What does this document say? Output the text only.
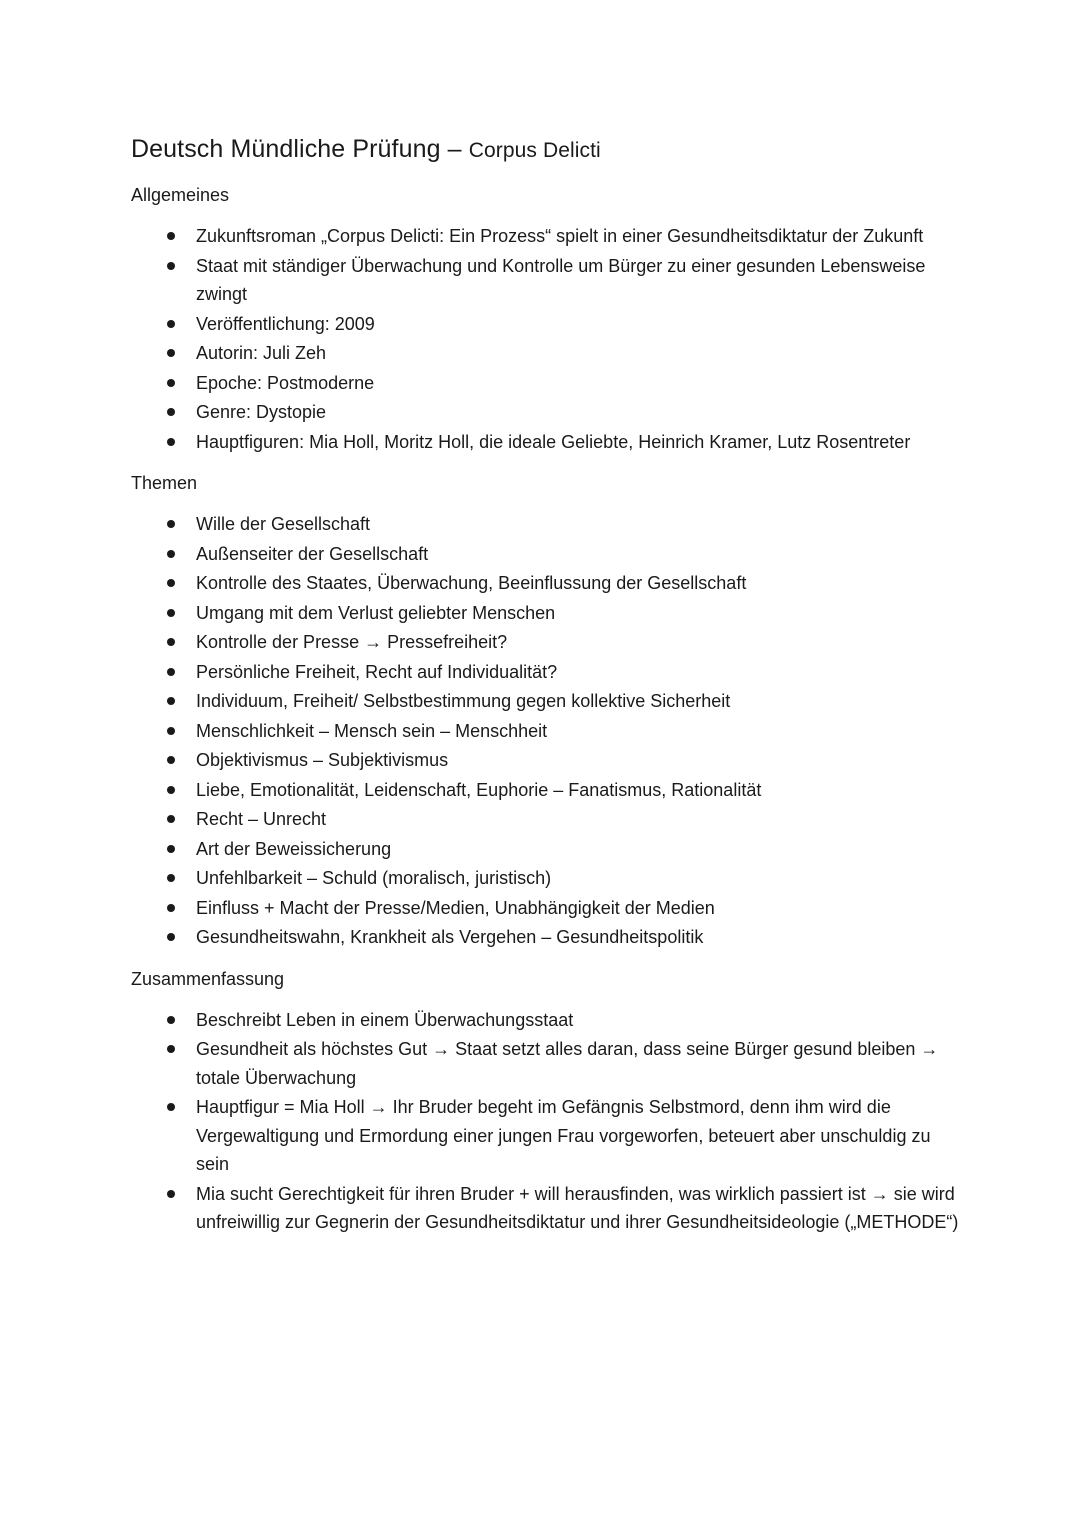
Deutsch Mündliche Prüfung – Corpus Delicti
Allgemeines
Zukunftsroman „Corpus Delicti: Ein Prozess“ spielt in einer Gesundheitsdiktatur der Zukunft
Staat mit ständiger Überwachung und Kontrolle um Bürger zu einer gesunden Lebensweise zwingt
Veröffentlichung: 2009
Autorin: Juli Zeh
Epoche: Postmoderne
Genre: Dystopie
Hauptfiguren: Mia Holl, Moritz Holl, die ideale Geliebte, Heinrich Kramer, Lutz Rosentreter
Themen
Wille der Gesellschaft
Außenseiter der Gesellschaft
Kontrolle des Staates, Überwachung, Beeinflussung der Gesellschaft
Umgang mit dem Verlust geliebter Menschen
Kontrolle der Presse → Pressefreiheit?
Persönliche Freiheit, Recht auf Individualität?
Individuum, Freiheit/ Selbstbestimmung gegen kollektive Sicherheit
Menschlichkeit – Mensch sein – Menschheit
Objektivismus – Subjektivismus
Liebe, Emotionalität, Leidenschaft, Euphorie – Fanatismus, Rationalität
Recht – Unrecht
Art der Beweissicherung
Unfehlbarkeit – Schuld (moralisch, juristisch)
Einfluss + Macht der Presse/Medien, Unabhängigkeit der Medien
Gesundheitswahn, Krankheit als Vergehen – Gesundheitspolitik
Zusammenfassung
Beschreibt Leben in einem Überwachungsstaat
Gesundheit als höchstes Gut → Staat setzt alles daran, dass seine Bürger gesund bleiben → totale Überwachung
Hauptfigur = Mia Holl → Ihr Bruder begeht im Gefängnis Selbstmord, denn ihm wird die Vergewaltigung und Ermordung einer jungen Frau vorgeworfen, beteuert aber unschuldig zu sein
Mia sucht Gerechtigkeit für ihren Bruder + will herausfinden, was wirklich passiert ist → sie wird unfreiwillig zur Gegnerin der Gesundheitsdiktatur und ihrer Gesundheitsideologie („METHODE“)
